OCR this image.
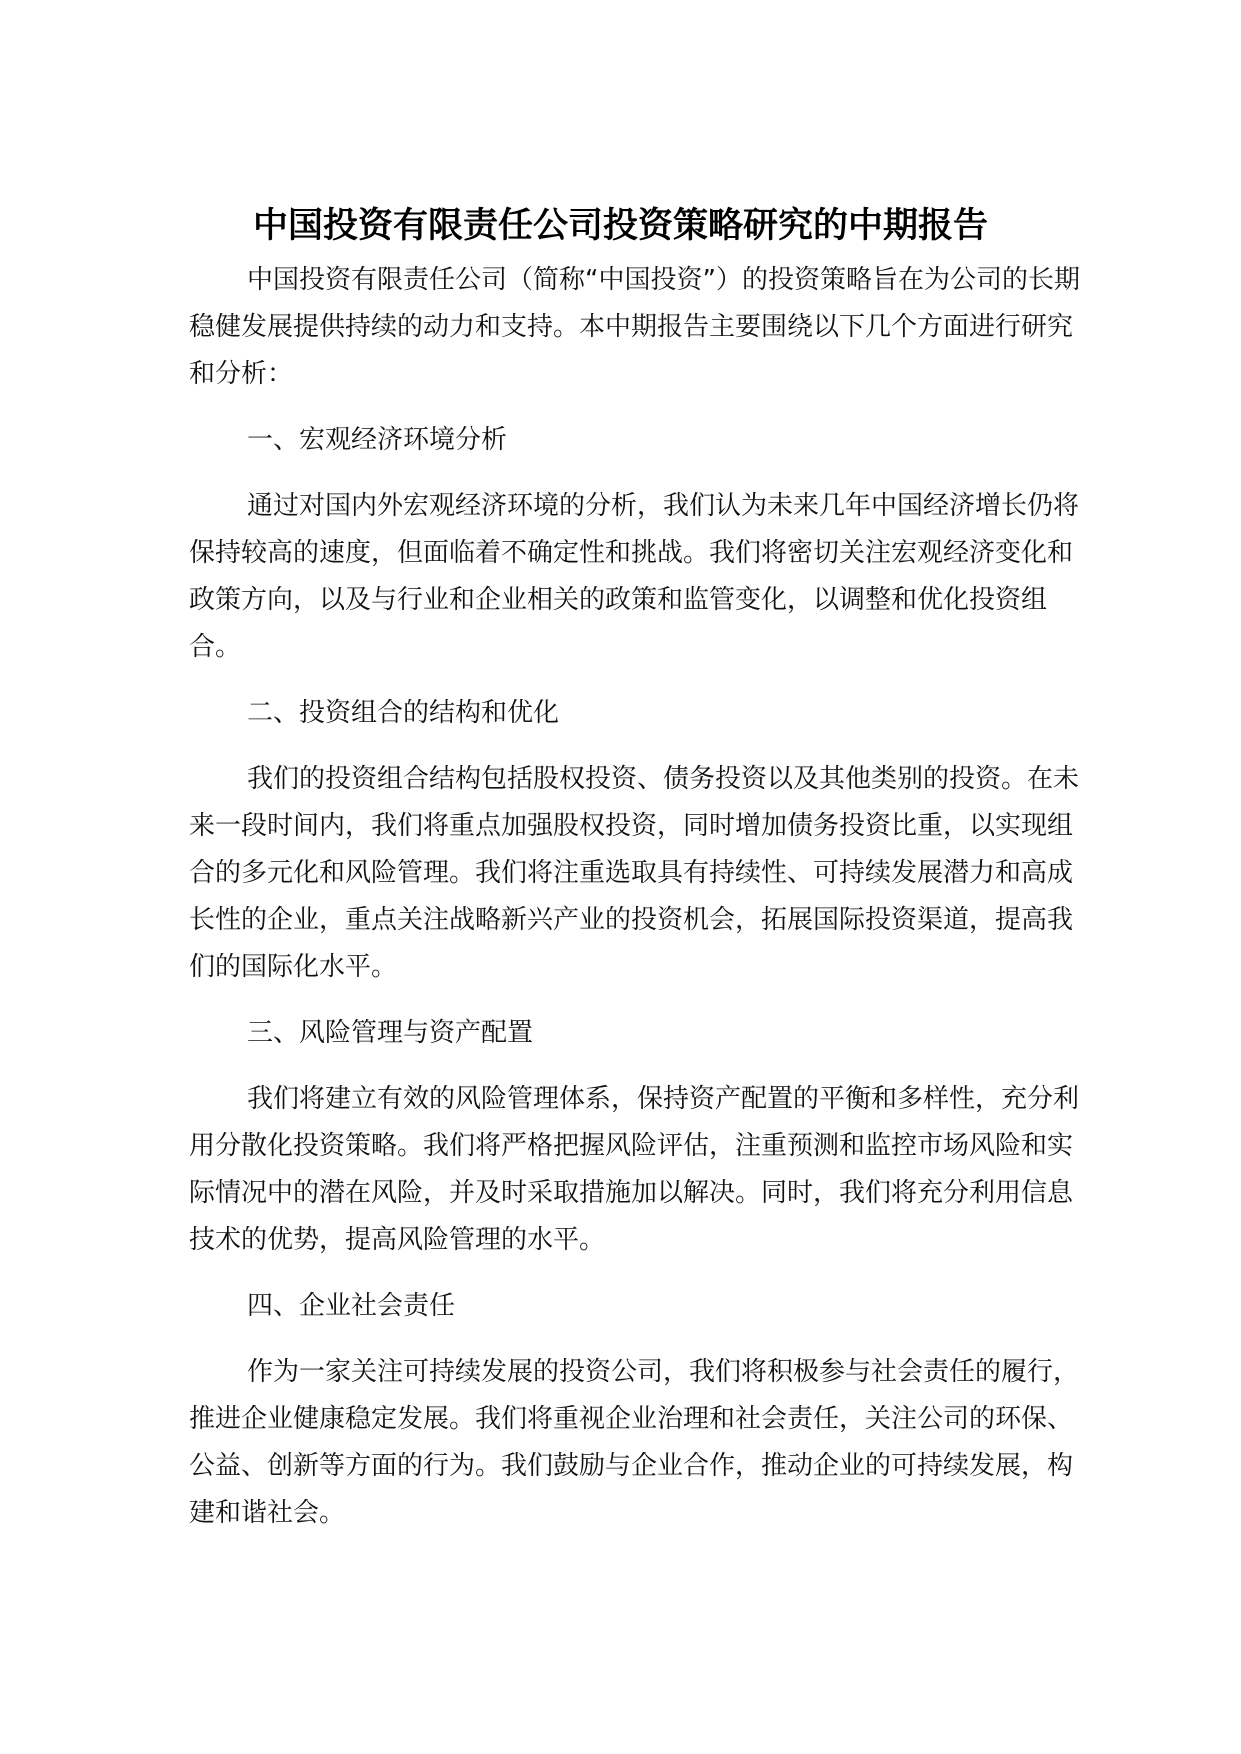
中国投资有限责任公司投资策略研究的中期报告

中国投资有限责任公司（简称“中国投资”）的投资策略旨在为公司的长期稳健发展提供持续的动力和支持。本中期报告主要围绕以下几个方面进行研究和分析：

一、宏观经济环境分析

通过对国内外宏观经济环境的分析，我们认为未来几年中国经济增长仍将保持较高的速度，但面临着不确定性和挑战。我们将密切关注宏观经济变化和政策方向，以及与行业和企业相关的政策和监管变化，以调整和优化投资组合。

二、投资组合的结构和优化

我们的投资组合结构包括股权投资、债务投资以及其他类别的投资。在未来一段时间内，我们将重点加强股权投资，同时增加债务投资比重，以实现组合的多元化和风险管理。我们将注重选取具有持续性、可持续发展潜力和高成长性的企业，重点关注战略新兴产业的投资机会，拓展国际投资渠道，提高我们的国际化水平。

三、风险管理与资产配置

我们将建立有效的风险管理体系，保持资产配置的平衡和多样性，充分利用分散化投资策略。我们将严格把握风险评估，注重预测和监控市场风险和实际情况中的潜在风险，并及时采取措施加以解决。同时，我们将充分利用信息技术的优势，提高风险管理的水平。

四、企业社会责任

作为一家关注可持续发展的投资公司，我们将积极参与社会责任的履行，推进企业健康稳定发展。我们将重视企业治理和社会责任，关注公司的环保、公益、创新等方面的行为。我们鼓励与企业合作，推动企业的可持续发展，构建和谐社会。
